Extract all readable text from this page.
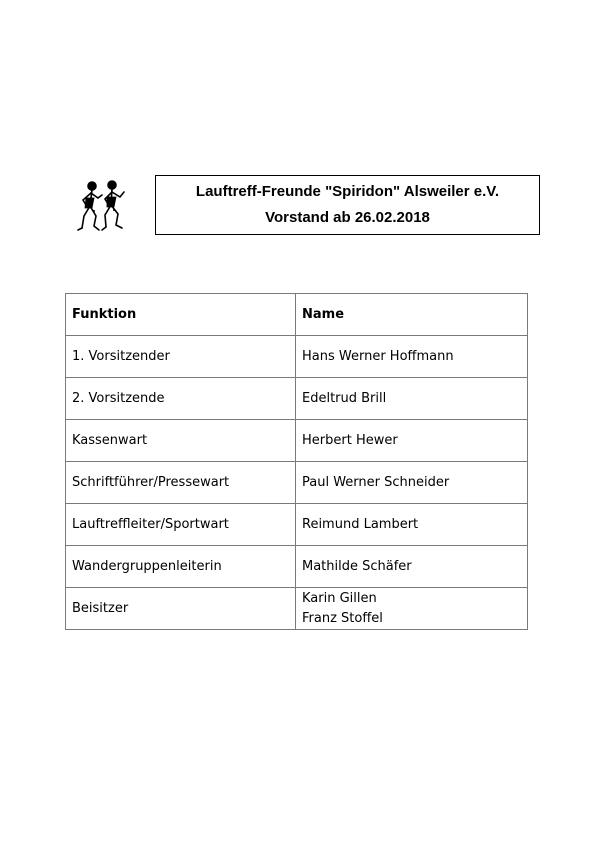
Lauftreff-Freunde "Spiridon" Alsweiler e.V.
Vorstand ab 26.02.2018
Funktion	Name
1. Vorsitzender	Hans Werner Hoffmann
2. Vorsitzende	Edeltrud Brill
Kassenwart	Herbert Hewer
Schriftführer/Pressewart	Paul Werner Schneider
Lauftreffleiter/Sportwart	Reimund Lambert
Wandergruppenleiterin	Mathilde Schäfer
Beisitzer	Karin Gillen
Franz Stoffel
